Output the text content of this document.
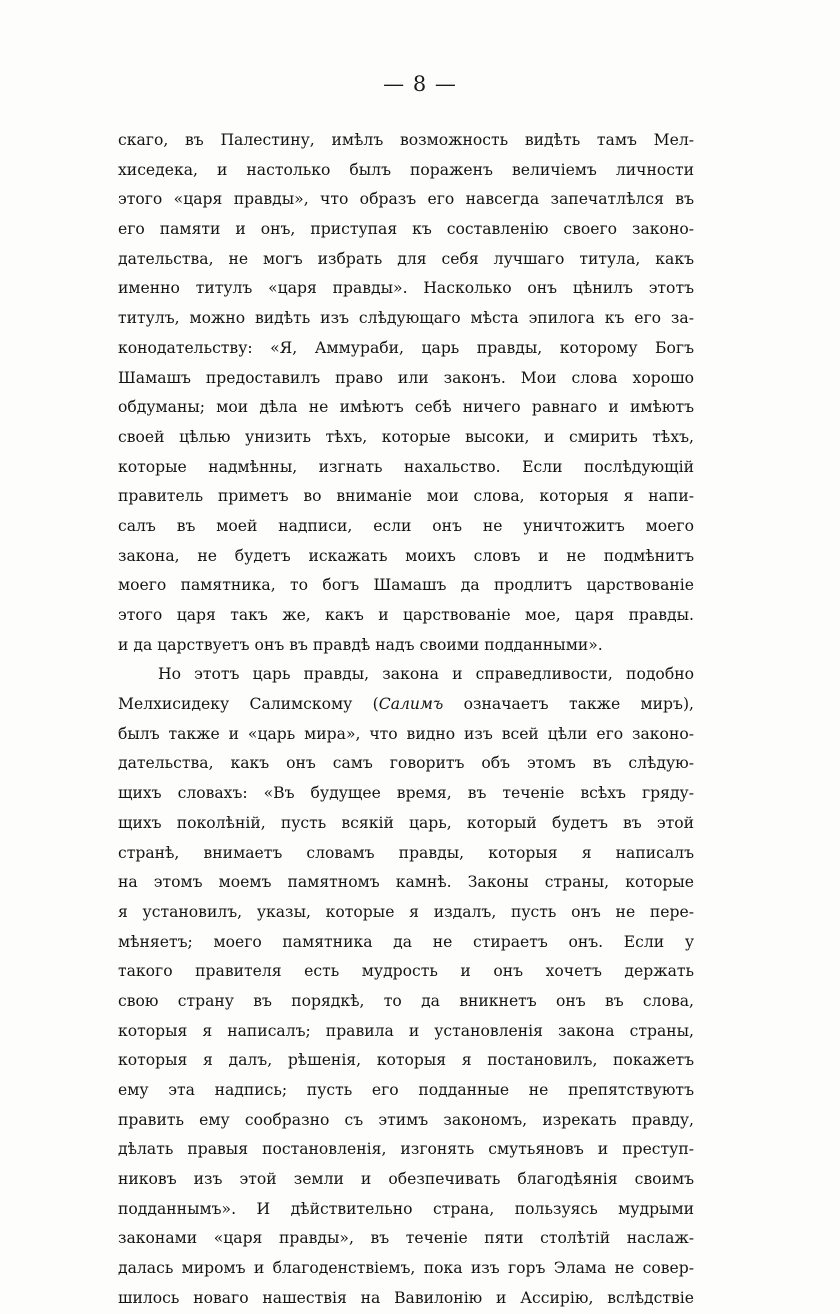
— 8 —
скаго, въ Палестину, имѣлъ возможность видѣть тамъ Мел-
хиседека, и настолько былъ пораженъ величіемъ личности
этого «царя правды», что образъ его навсегда запечатлѣлся въ
его памяти и онъ, приступая къ составленію своего законо-
дательства, не могъ избрать для себя лучшаго титула, какъ
именно титулъ «царя правды». Насколько онъ цѣнилъ этотъ
титулъ, можно видѣть изъ слѣдующаго мѣста эпилога къ его за-
конодательству: «Я, Аммураби, царь правды, которому Богъ
Шамашъ предоставилъ право или законъ. Мои слова хорошо
обдуманы; мои дѣла не имѣютъ себѣ ничего равнаго и имѣютъ
своей цѣлью унизить тѣхъ, которые высоки, и смирить тѣхъ,
которые надмѣнны, изгнать нахальство. Если послѣдующій
правитель приметъ во вниманіе мои слова, которыя я напи-
салъ въ моей надписи, если онъ не уничтожитъ моего
закона, не будетъ искажать моихъ словъ и не подмѣнитъ
моего памятника, то богъ Шамашъ да продлитъ царствованіе
этого царя такъ же, какъ и царствованіе мое, царя правды.
и да царствуетъ онъ въ правдѣ надъ своими подданными».
Но этотъ царь правды, закона и справедливости, подобно
Мелхисидеку Салимскому (Салимъ означаетъ также миръ),
былъ также и «царь мира», что видно изъ всей цѣли его законо-
дательства, какъ онъ самъ говоритъ объ этомъ въ слѣдую-
щихъ словахъ: «Въ будущее время, въ теченіе всѣхъ гряду-
щихъ поколѣній, пусть всякій царь, который будетъ въ этой
странѣ, внимаетъ словамъ правды, которыя я написалъ
на этомъ моемъ памятномъ камнѣ. Законы страны, которые
я установилъ, указы, которые я издалъ, пусть онъ не пере-
мѣняетъ; моего памятника да не стираетъ онъ. Если у
такого правителя есть мудрость и онъ хочетъ держать
свою страну въ порядкѣ, то да вникнетъ онъ въ слова,
которыя я написалъ; правила и установленія закона страны,
которыя я далъ, рѣшенія, которыя я постановилъ, покажетъ
ему эта надпись; пусть его подданные не препятствуютъ
править ему сообразно съ этимъ закономъ, изрекать правду,
дѣлать правыя постановленія, изгонять смутьяновъ и преступ-
никовъ изъ этой земли и обезпечивать благодѣянія своимъ
подданнымъ». И дѣйствительно страна, пользуясь мудрыми
законами «царя правды», въ теченіе пяти столѣтій наслаж-
далась миромъ и благоденствіемъ, пока изъ горъ Элама не совер-
шилось новаго нашествія на Вавилонію и Ассирію, вслѣдствіе
